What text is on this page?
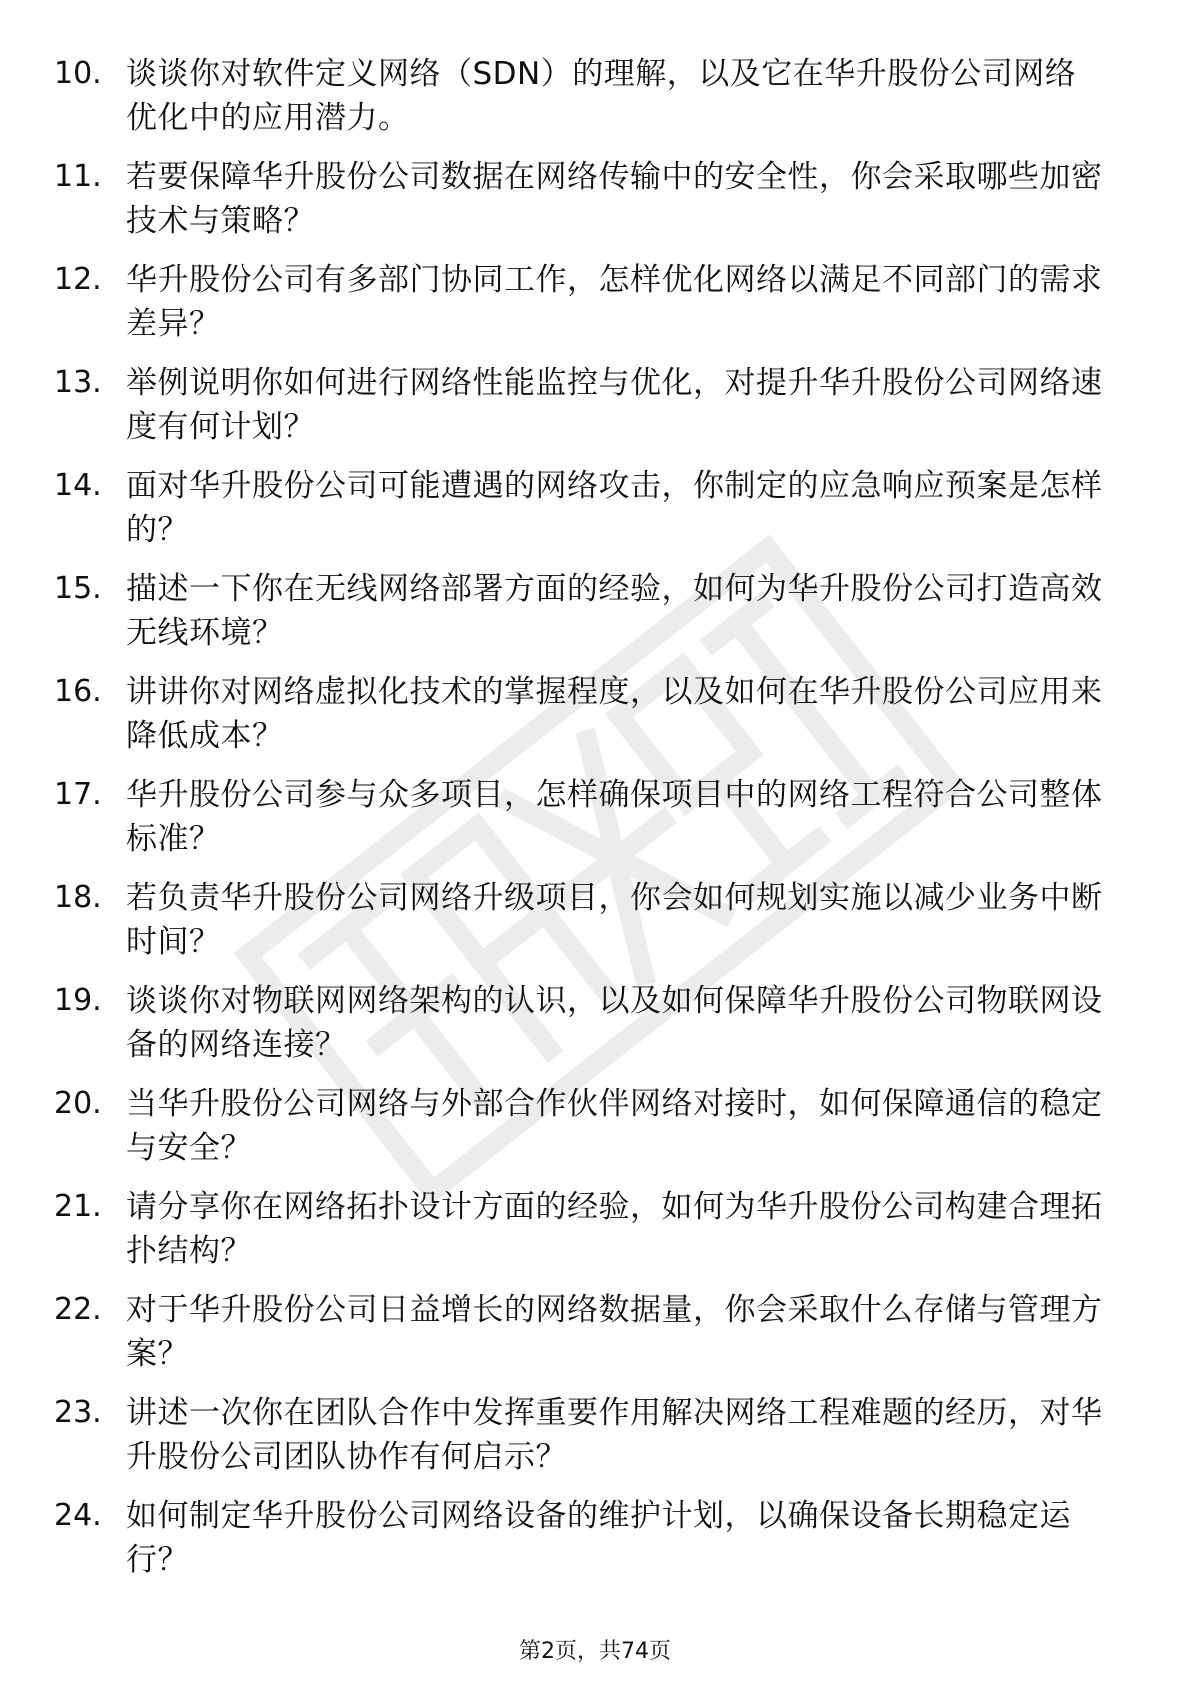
10. 谈谈你对软件定义网络（SDN）的理解，以及它在华升股份公司网络优化中的应用潜力。
11. 若要保障华升股份公司数据在网络传输中的安全性，你会采取哪些加密技术与策略？
12. 华升股份公司有多部门协同工作，怎样优化网络以满足不同部门的需求差异？
13. 举例说明你如何进行网络性能监控与优化，对提升华升股份公司网络速度有何计划？
14. 面对华升股份公司可能遭遇的网络攻击，你制定的应急响应预案是怎样的？
15. 描述一下你在无线网络部署方面的经验，如何为华升股份公司打造高效无线环境？
16. 讲讲你对网络虚拟化技术的掌握程度，以及如何在华升股份公司应用来降低成本？
17. 华升股份公司参与众多项目，怎样确保项目中的网络工程符合公司整体标准？
18. 若负责华升股份公司网络升级项目，你会如何规划实施以减少业务中断时间？
19. 谈谈你对物联网网络架构的认识，以及如何保障华升股份公司物联网设备的网络连接？
20. 当华升股份公司网络与外部合作伙伴网络对接时，如何保障通信的稳定与安全？
21. 请分享你在网络拓扑设计方面的经验，如何为华升股份公司构建合理拓扑结构？
22. 对于华升股份公司日益增长的网络数据量，你会采取什么存储与管理方案？
23. 讲述一次你在团队合作中发挥重要作用解决网络工程难题的经历，对华升股份公司团队协作有何启示？
24. 如何制定华升股份公司网络设备的维护计划，以确保设备长期稳定运行？
第2页，共74页
